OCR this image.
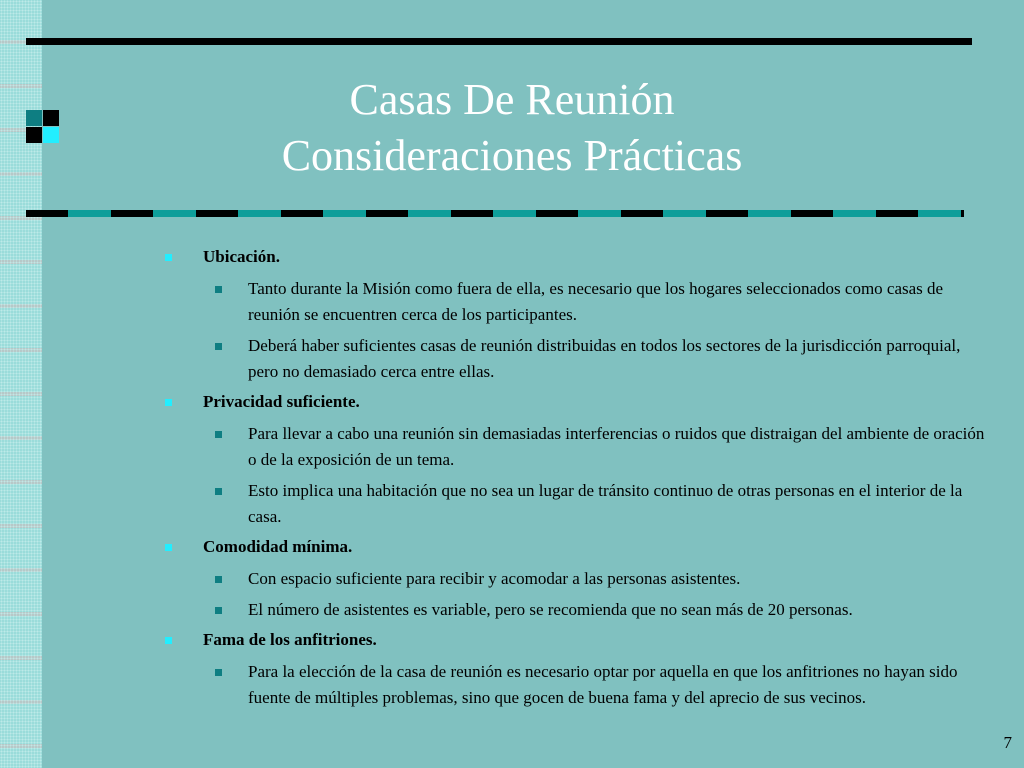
Casas De Reunión
Consideraciones Prácticas
Ubicación.
Tanto durante la Misión como fuera de ella, es necesario que los hogares seleccionados como casas de reunión se encuentren cerca de los participantes.
Deberá haber suficientes casas de reunión distribuidas en todos los sectores de la jurisdicción parroquial, pero no demasiado cerca entre ellas.
Privacidad suficiente.
Para llevar a cabo una reunión sin demasiadas interferencias o ruidos que distraigan del ambiente de oración o de la exposición de un tema.
Esto implica una habitación que no sea un lugar de tránsito continuo de otras personas en el interior de la casa.
Comodidad mínima.
Con espacio suficiente para recibir y acomodar a las personas asistentes.
El número de asistentes es variable, pero se recomienda que no sean más de 20 personas.
Fama de los anfitriones.
Para la elección de la casa de reunión es necesario optar por aquella en que los anfitriones no hayan sido fuente de múltiples problemas, sino que gocen de buena fama y del aprecio de sus vecinos.
7
